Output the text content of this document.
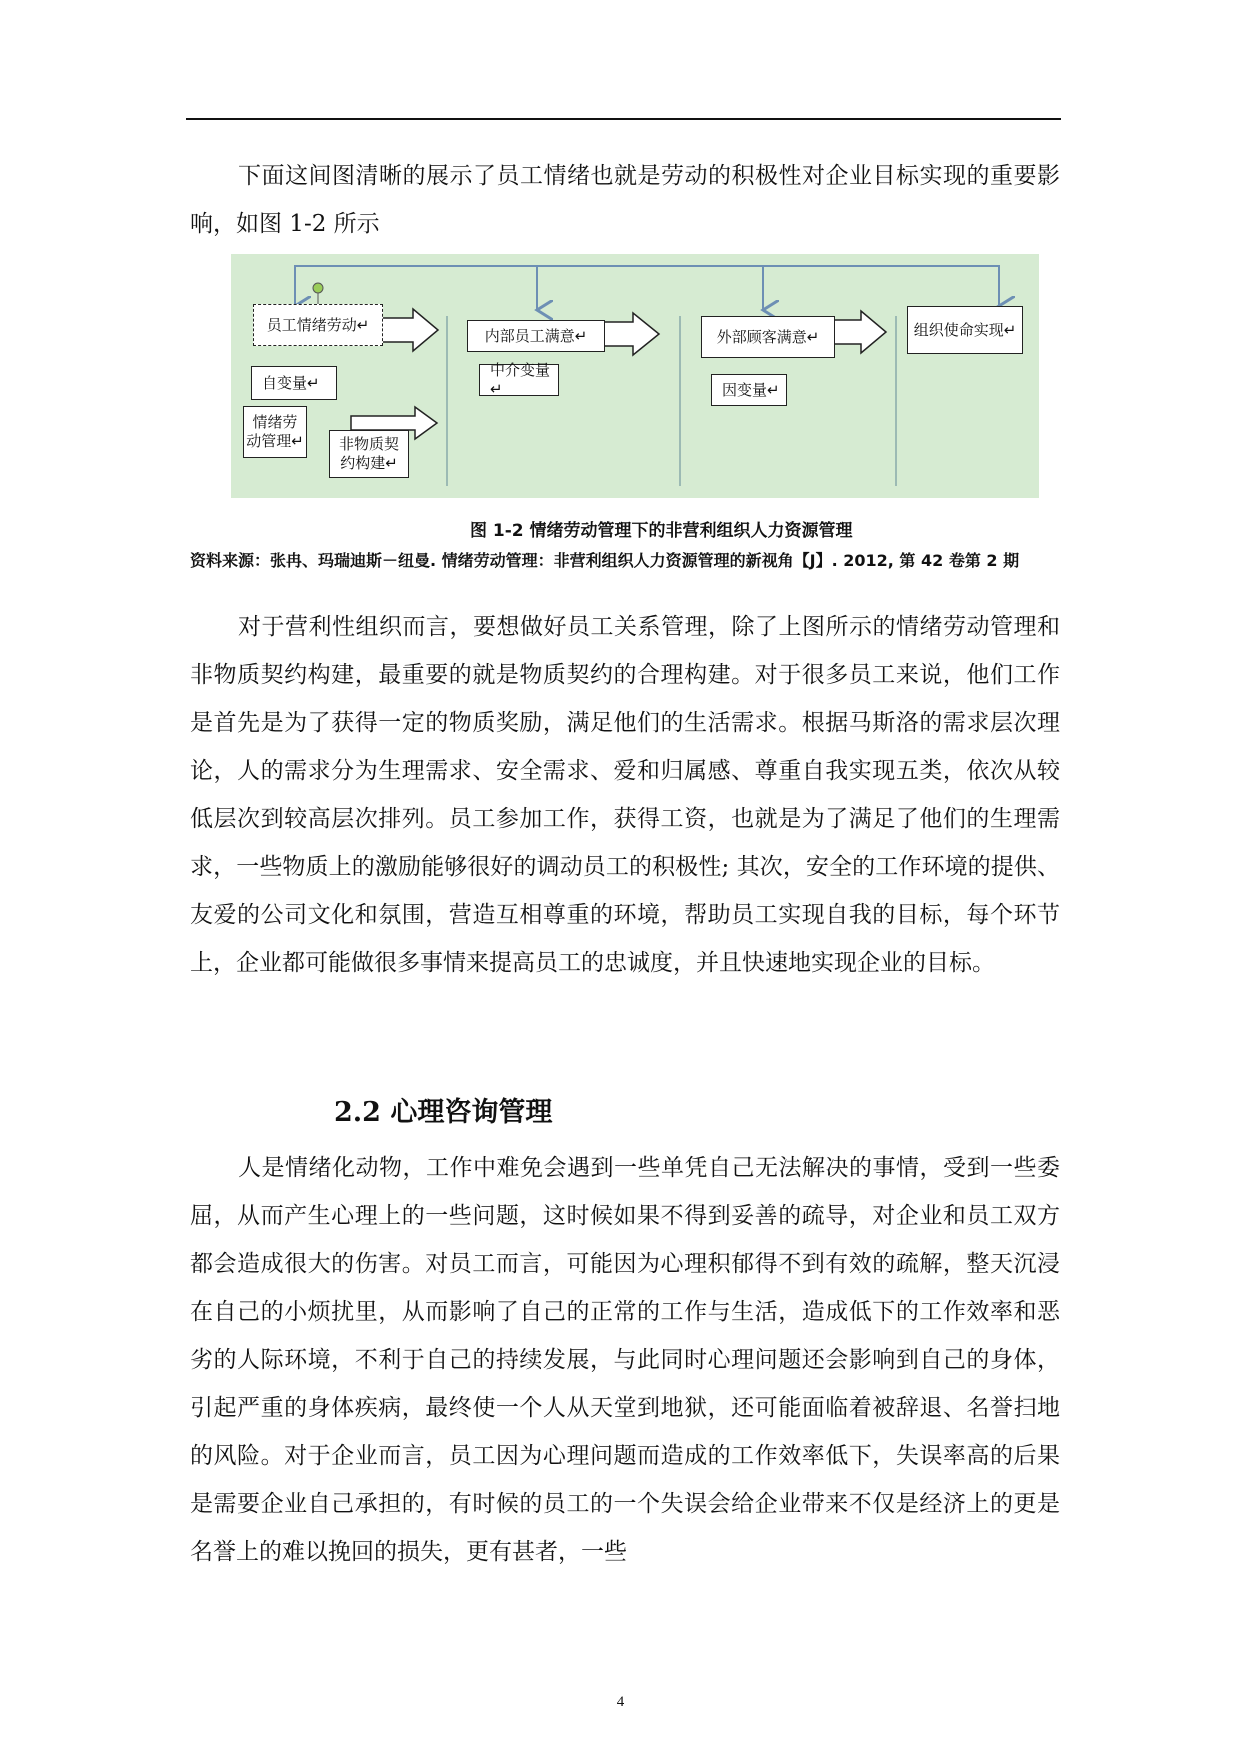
下面这间图清晰的展示了员工情绪也就是劳动的积极性对企业目标实现的重要影响，如图 1-2 所示

员工情绪劳动↵
自变量↵
情绪劳动管理↵	非物质契约构建↵
内部员工满意↵
中介变量↵
外部顾客满意↵
因变量↵
组织使命实现↵
图 1-2 情绪劳动管理下的非营利组织人力资源管理
资料来源：张冉、玛瑞迪斯－纽曼. 情绪劳动管理：非营利组织人力资源管理的新视角【J】. 2012, 第 42 卷第 2 期

对于营利性组织而言，要想做好员工关系管理，除了上图所示的情绪劳动管理和非物质契约构建，最重要的就是物质契约的合理构建。对于很多员工来说，他们工作是首先是为了获得一定的物质奖励，满足他们的生活需求。根据马斯洛的需求层次理论，人的需求分为生理需求、安全需求、爱和归属感、尊重自我实现五类，依次从较低层次到较高层次排列。员工参加工作，获得工资，也就是为了满足了他们的生理需求，一些物质上的激励能够很好的调动员工的积极性; 其次，安全的工作环境的提供、友爱的公司文化和氛围，营造互相尊重的环境，帮助员工实现自我的目标，每个环节上，企业都可能做很多事情来提高员工的忠诚度，并且快速地实现企业的目标。

2.2 心理咨询管理

人是情绪化动物，工作中难免会遇到一些单凭自己无法解决的事情，受到一些委屈，从而产生心理上的一些问题，这时候如果不得到妥善的疏导，对企业和员工双方都会造成很大的伤害。对员工而言，可能因为心理积郁得不到有效的疏解，整天沉浸在自己的小烦扰里，从而影响了自己的正常的工作与生活，造成低下的工作效率和恶劣的人际环境，不利于自己的持续发展，与此同时心理问题还会影响到自己的身体，引起严重的身体疾病，最终使一个人从天堂到地狱，还可能面临着被辞退、名誉扫地的风险。对于企业而言，员工因为心理问题而造成的工作效率低下，失误率高的后果是需要企业自己承担的，有时候的员工的一个失误会给企业带来不仅是经济上的更是名誉上的难以挽回的损失，更有甚者，一些

4
